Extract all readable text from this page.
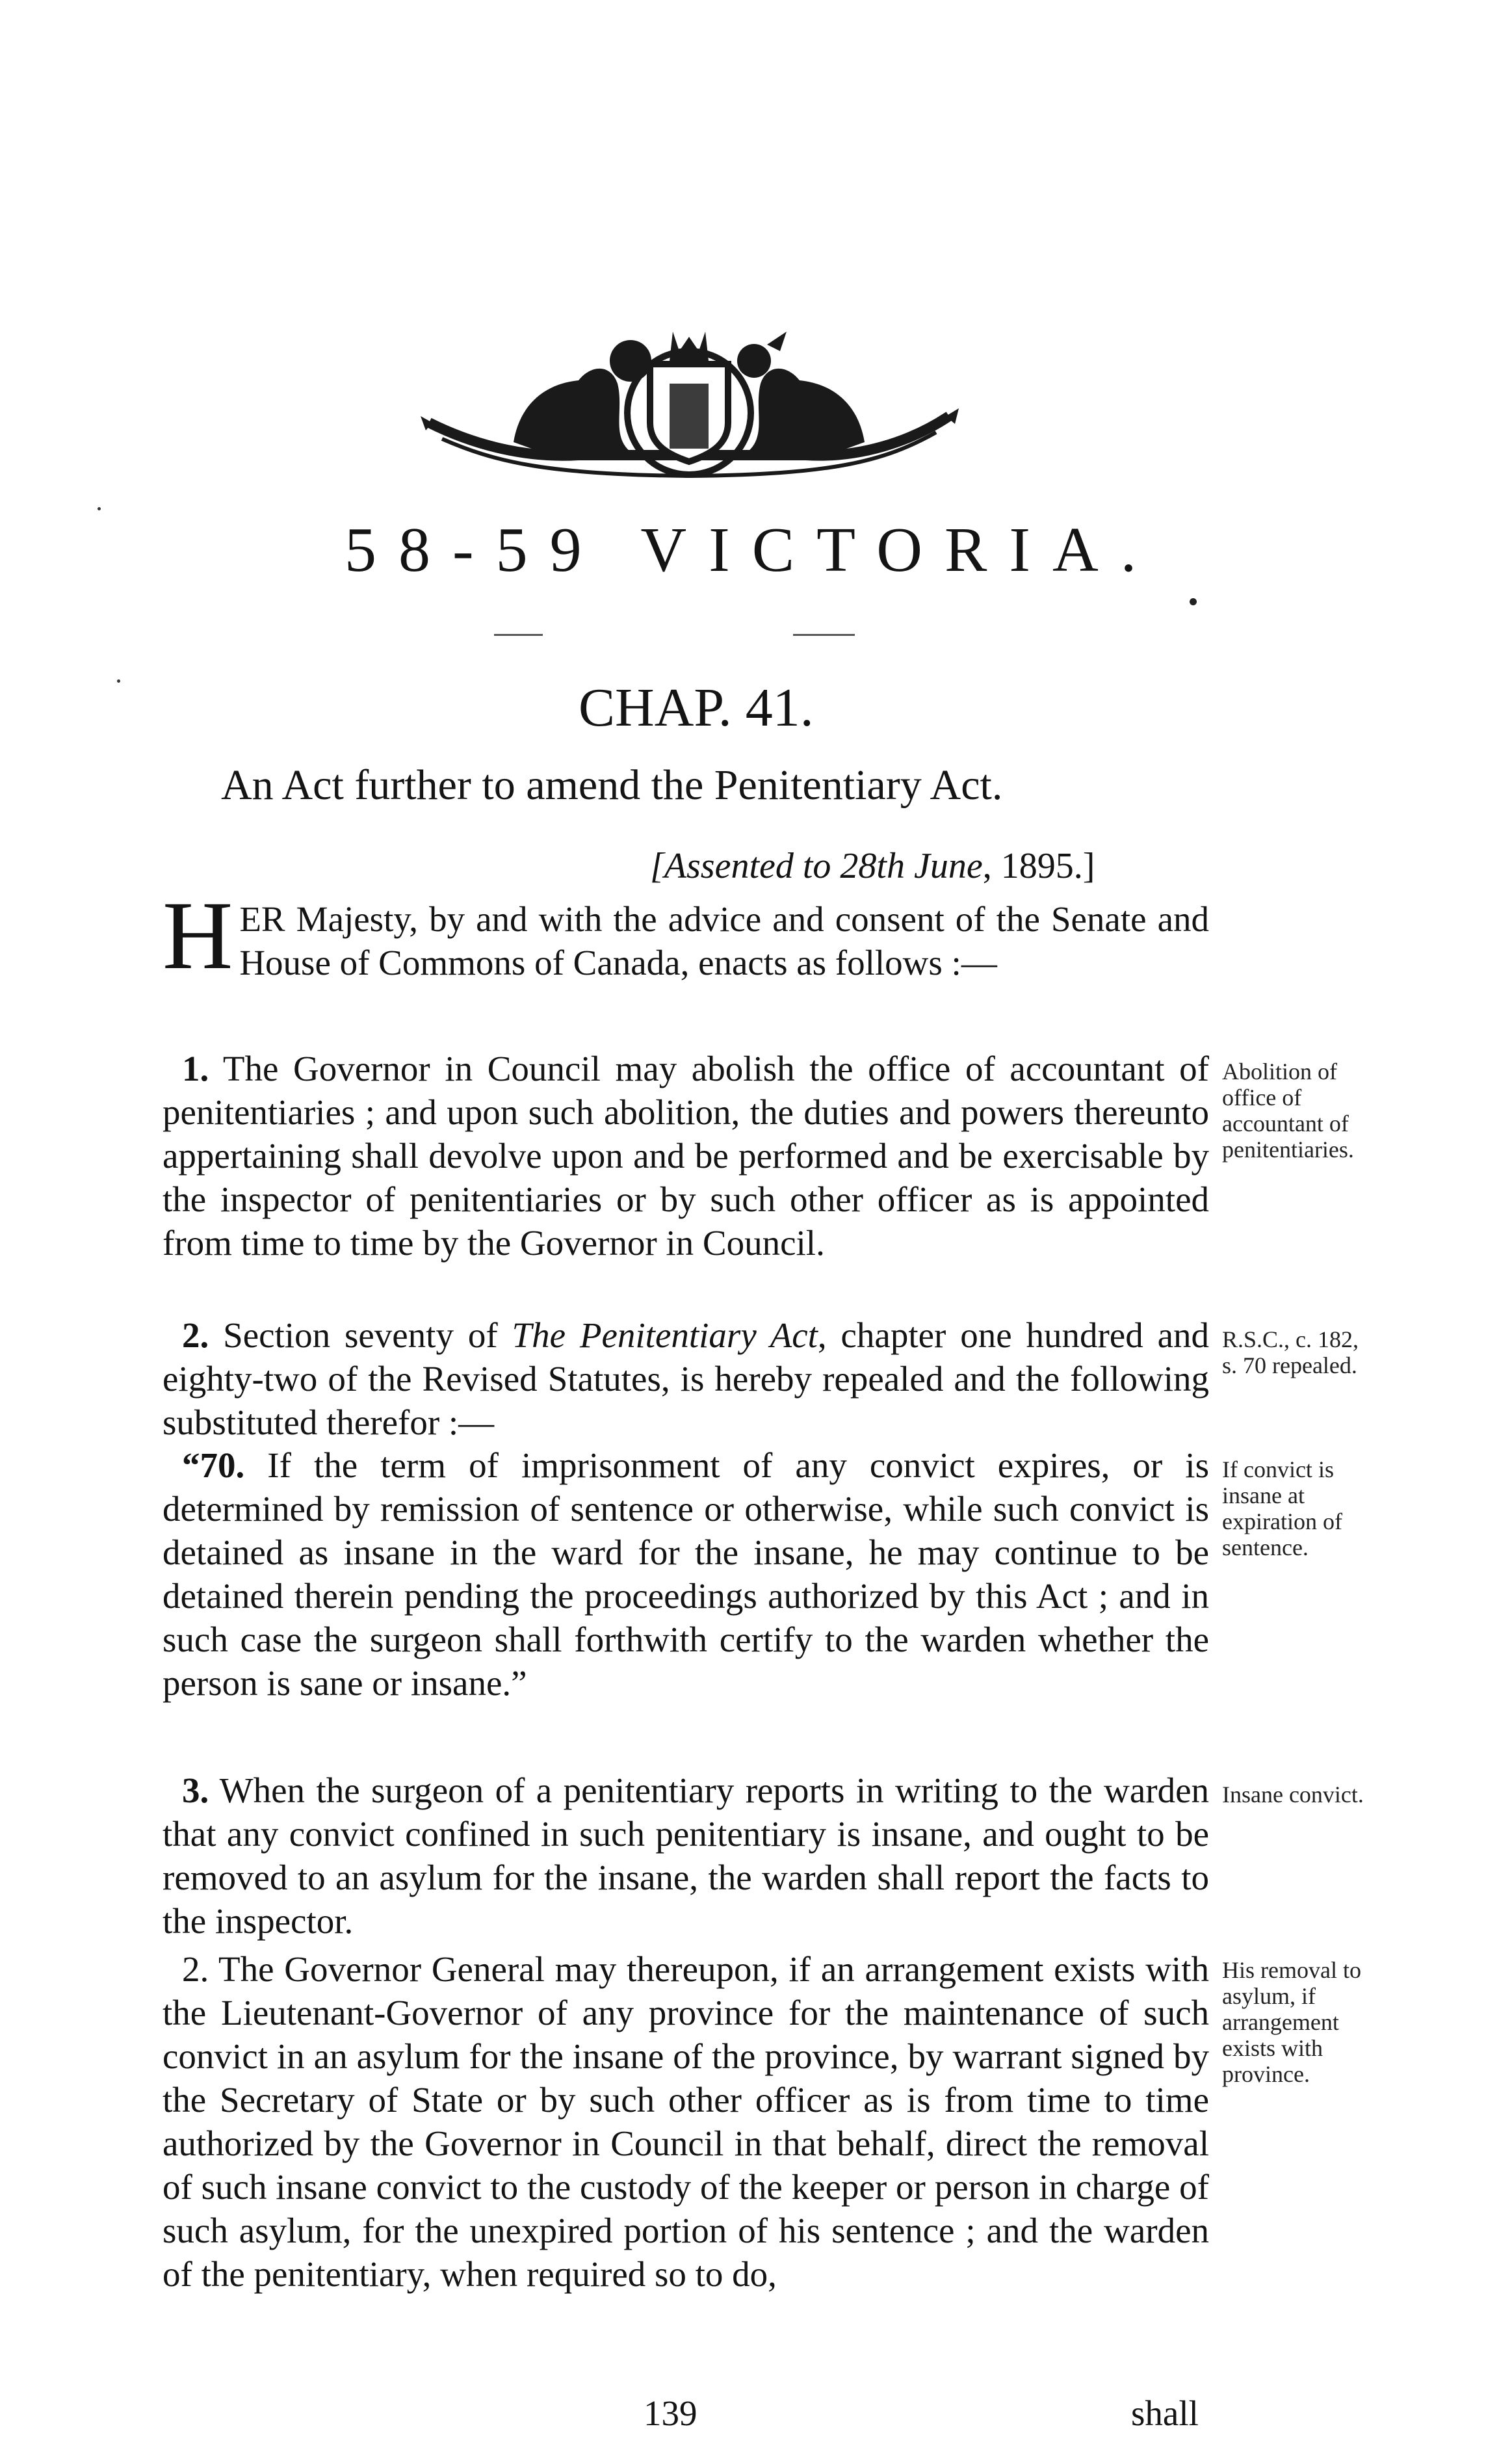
58-59 VICTORIA.
CHAP. 41.
An Act further to amend the Penitentiary Act.
[Assented to 28th June, 1895.]
HER Majesty, by and with the advice and consent of the Senate and House of Commons of Canada, enacts as follows :—
1. The Governor in Council may abolish the office of accountant of penitentiaries ; and upon such abolition, the duties and powers thereunto appertaining shall devolve upon and be performed and be exercisable by the inspector of penitentiaries or by such other officer as is appointed from time to time by the Governor in Council.
Abolition of office of accountant of penitentiaries.
2. Section seventy of The Penitentiary Act, chapter one hundred and eighty-two of the Revised Statutes, is hereby repealed and the following substituted therefor :—
R.S.C., c. 182, s. 70 repealed.
“70. If the term of imprisonment of any convict expires, or is determined by remission of sentence or otherwise, while such convict is detained as insane in the ward for the insane, he may continue to be detained therein pending the proceedings authorized by this Act ; and in such case the surgeon shall forthwith certify to the warden whether the person is sane or insane.”
If convict is insane at expiration of sentence.
3. When the surgeon of a penitentiary reports in writing to the warden that any convict confined in such penitentiary is insane, and ought to be removed to an asylum for the insane, the warden shall report the facts to the inspector.
Insane convict.
2. The Governor General may thereupon, if an arrangement exists with the Lieutenant-Governor of any province for the maintenance of such convict in an asylum for the insane of the province, by warrant signed by the Secretary of State or by such other officer as is from time to time authorized by the Governor in Council in that behalf, direct the removal of such insane convict to the custody of the keeper or person in charge of such asylum, for the unexpired portion of his sentence ; and the warden of the penitentiary, when required so to do,
His removal to asylum, if arrangement exists with province.
139	shall
